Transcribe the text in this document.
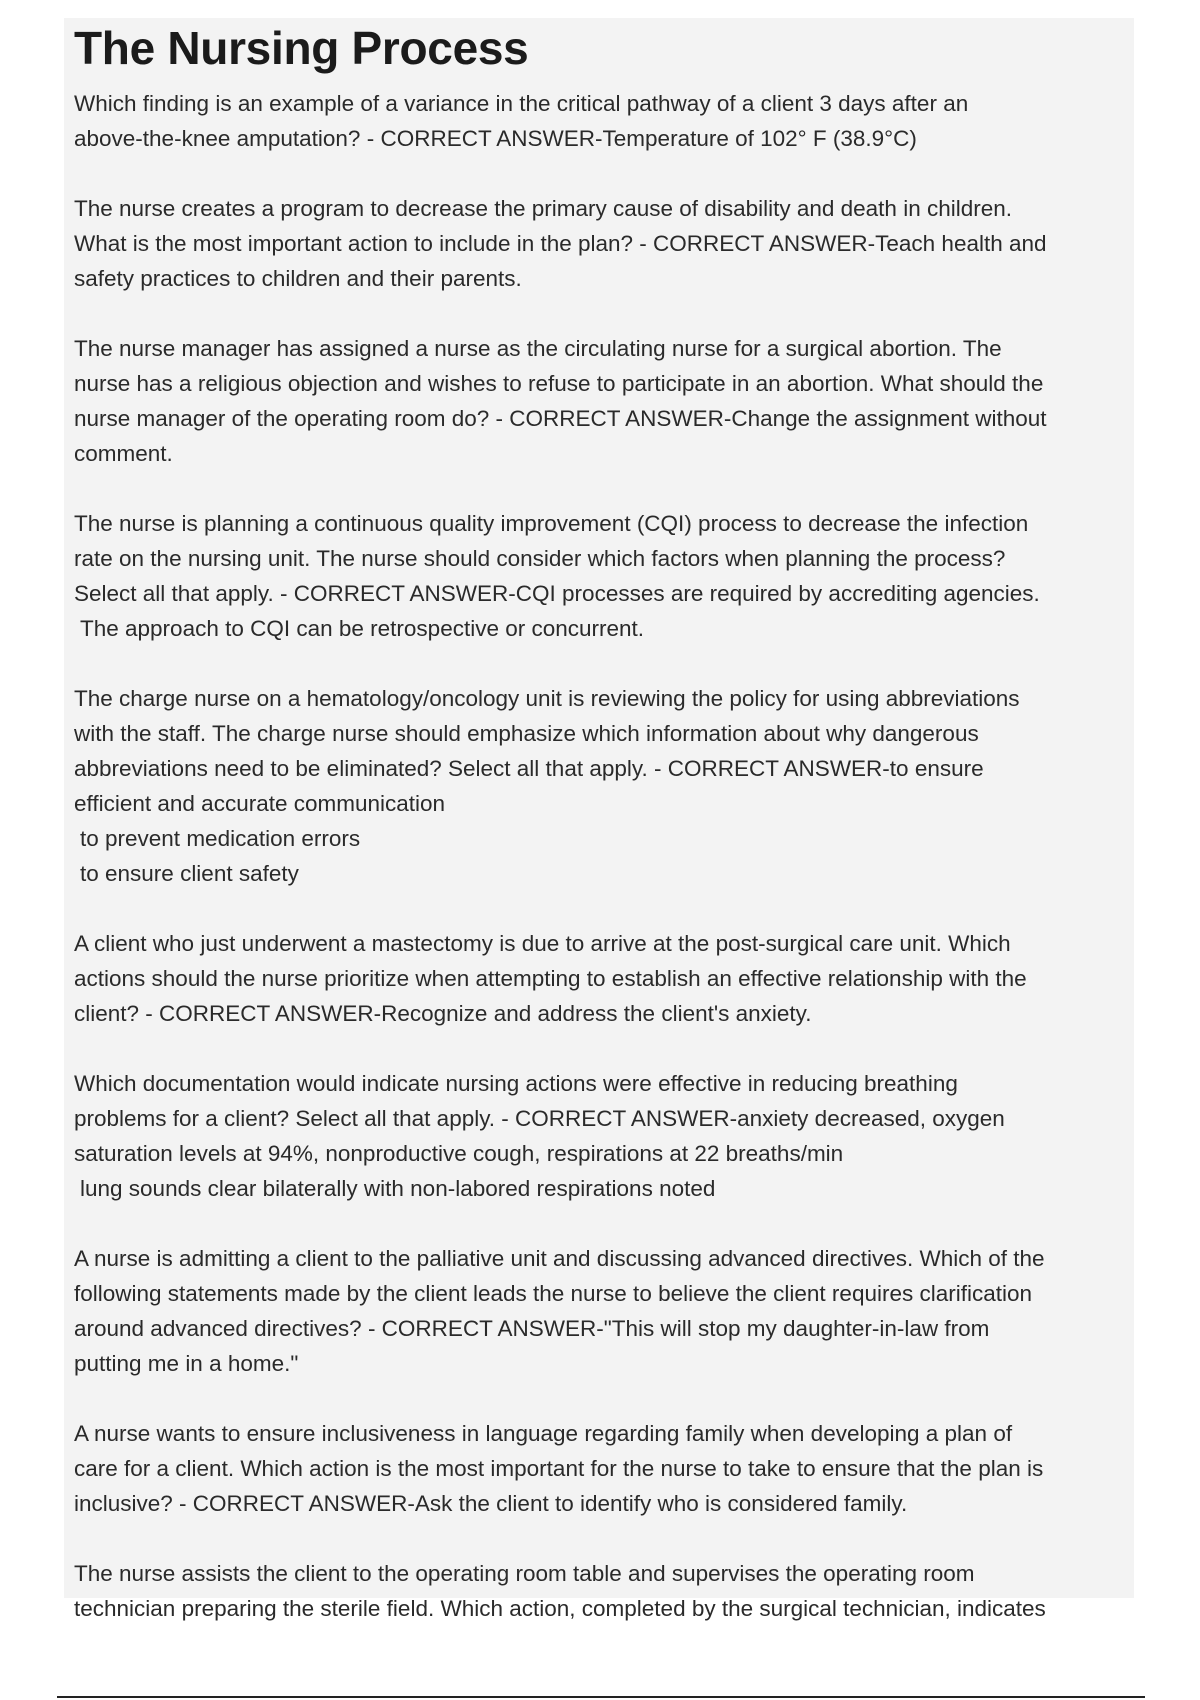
The Nursing Process
Which finding is an example of a variance in the critical pathway of a client 3 days after an
above-the-knee amputation? - CORRECT ANSWER-Temperature of 102° F (38.9°C)
The nurse creates a program to decrease the primary cause of disability and death in children.
What is the most important action to include in the plan? - CORRECT ANSWER-Teach health and
safety practices to children and their parents.
The nurse manager has assigned a nurse as the circulating nurse for a surgical abortion. The
nurse has a religious objection and wishes to refuse to participate in an abortion. What should the
nurse manager of the operating room do? - CORRECT ANSWER-Change the assignment without
comment.
The nurse is planning a continuous quality improvement (CQI) process to decrease the infection
rate on the nursing unit. The nurse should consider which factors when planning the process?
Select all that apply. - CORRECT ANSWER-CQI processes are required by accrediting agencies.
The approach to CQI can be retrospective or concurrent.
The charge nurse on a hematology/oncology unit is reviewing the policy for using abbreviations
with the staff. The charge nurse should emphasize which information about why dangerous
abbreviations need to be eliminated? Select all that apply. - CORRECT ANSWER-to ensure
efficient and accurate communication
to prevent medication errors
to ensure client safety
A client who just underwent a mastectomy is due to arrive at the post-surgical care unit. Which
actions should the nurse prioritize when attempting to establish an effective relationship with the
client? - CORRECT ANSWER-Recognize and address the client's anxiety.
Which documentation would indicate nursing actions were effective in reducing breathing
problems for a client? Select all that apply. - CORRECT ANSWER-anxiety decreased, oxygen
saturation levels at 94%, nonproductive cough, respirations at 22 breaths/min
lung sounds clear bilaterally with non-labored respirations noted
A nurse is admitting a client to the palliative unit and discussing advanced directives. Which of the
following statements made by the client leads the nurse to believe the client requires clarification
around advanced directives? - CORRECT ANSWER-"This will stop my daughter-in-law from
putting me in a home."
A nurse wants to ensure inclusiveness in language regarding family when developing a plan of
care for a client. Which action is the most important for the nurse to take to ensure that the plan is
inclusive? - CORRECT ANSWER-Ask the client to identify who is considered family.
The nurse assists the client to the operating room table and supervises the operating room
technician preparing the sterile field. Which action, completed by the surgical technician, indicates
